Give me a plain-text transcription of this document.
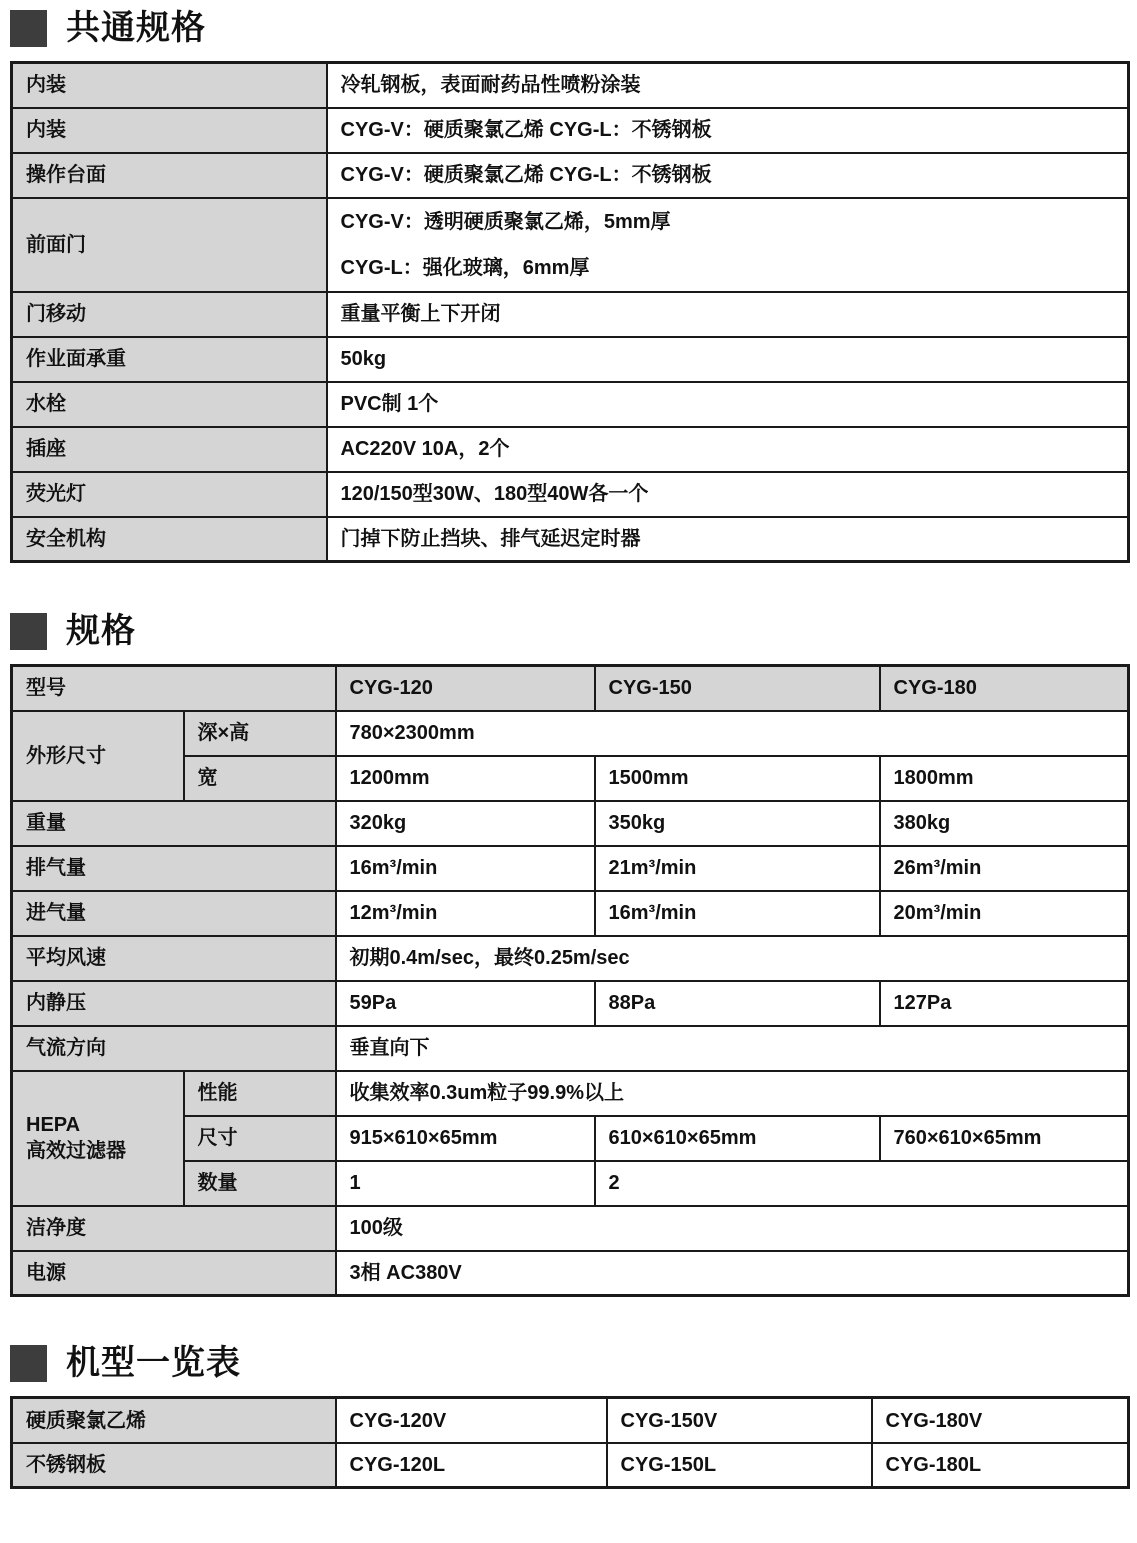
共通规格
内装	冷轧钢板，表面耐药品性喷粉涂装
内装	CYG-V：硬质聚氯乙烯 CYG-L：不锈钢板
操作台面	CYG-V：硬质聚氯乙烯 CYG-L：不锈钢板
前面门	CYG-V：透明硬质聚氯乙烯，5mm厚
CYG-L：强化玻璃，6mm厚

门移动	重量平衡上下开闭
作业面承重	50kg
水栓	PVC制 1个
插座	AC220V 10A，2个
荧光灯	120/150型30W、180型40W各一个
安全机构	门掉下防止挡块、排气延迟定时器
规格
型号		CYG-120	CYG-150	CYG-180
外形尺寸	深×高	780×2300mm		
	宽	1200mm	1500mm	1800mm
重量		320kg	350kg	380kg
排气量		16m³/min	21m³/min	26m³/min
进气量		12m³/min	16m³/min	20m³/min
平均风速		初期0.4m/sec，最终0.25m/sec		
内静压		59Pa	88Pa	127Pa
气流方向		垂直向下		

HEPA
高效过滤器	性能	收集效率0.3um粒子99.9%以上		
	尺寸	915×610×65mm	610×610×65mm	760×610×65mm
	数量	1	2	
洁净度		100级		
电源		3相 AC380V		
机型一览表
硬质聚氯乙烯	CYG-120V	CYG-150V	CYG-180V
不锈钢板	CYG-120L	CYG-150L	CYG-180L
